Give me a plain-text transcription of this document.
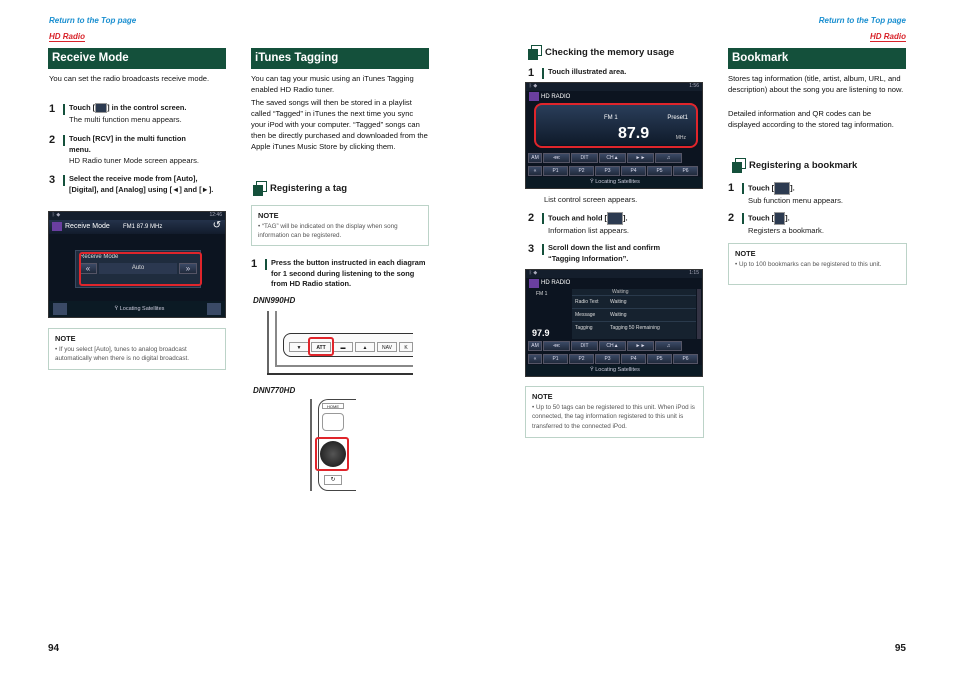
Return to the Top page
HD Radio
Return to the Top page
HD Radio
Receive Mode
You can set the radio broadcasts receive mode.
1	Touch [ ] in the control screen.
The multi function menu appears.
2	Touch [RCV] in the multi function menu.
HD Radio tuner Mode screen appears.
3	Select the receive mode from [Auto], [Digital], and [Analog] using [◄] and [►].
ᛒ ◆	12:46
Receive Mode FM1 87.9 MHz	↺
Receive Mode
«	Auto	»
Ÿ Locating Satellites
NOTE
• If you select [Auto], tunes to analog broadcast automatically when there is no digital broadcast.
iTunes Tagging
You can tag your music using an iTunes Tagging enabled HD Radio tuner.
The saved songs will then be stored in a playlist called “Tagged” in iTunes the next time you sync your iPod with your computer. “Tagged” songs can then be directly purchased and downloaded from the Apple iTunes Music Store by clicking them.
Registering a tag
NOTE
• “TAG” will be indicated on the display when song information can be registered.
1	Press the button instructed in each diagram for 1 second during listening to the song from HD Radio station.
DNN990HD
▼	ATT	▬	▲	NAV	K
DNN770HD
HOME
↻
Checking the memory usage
1	Touch illustrated area.
ᛒ ◆	1:56
HD RADIO
FM 1	Preset1
87.9	MHz
AM	⋘	DIT	CH▲	►►	♫
«	P1	P2	P3	P4	P5	P6
Ÿ Locating Satellites
List control screen appears.
2	Touch and hold [ ].
Information list appears.
3	Scroll down the list and confirm “Tagging Information”.
ᛒ ◆	1:15
HD RADIO
FM 1	Waiting
Radio Text	Waiting
Message	Waiting
Tagging	Tagging 50 Remaining
97.9
AM	⋘	DIT	CH▲	►►	♫
«	P1	P2	P3	P4	P5	P6
Ÿ Locating Satellites
NOTE
• Up to 50 tags can be registered to this unit. When iPod is connected, the tag information registered to this unit is transferred to the connected iPod.
Bookmark
Stores tag information (title, artist, album, URL, and description) about the song you are listening to now.
Detailed information and QR codes can be displayed according to the stored tag information.
Registering a bookmark
1	Touch [ ].
Sub function menu appears.
2	Touch [ ].
Registers a bookmark.
NOTE
• Up to 100 bookmarks can be registered to this unit.
94	95
